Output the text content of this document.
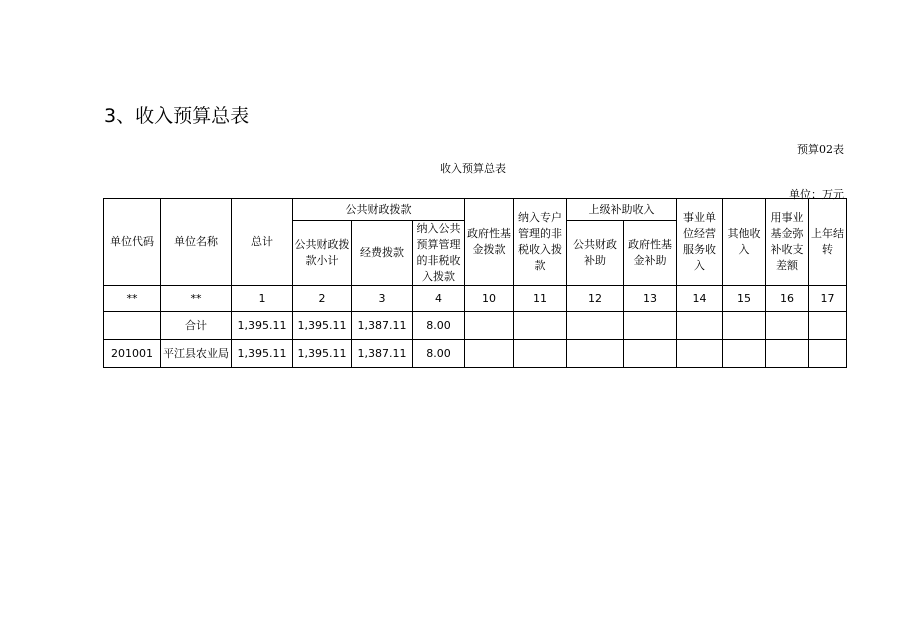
3、收入预算总表
预算02表
收入预算总表
单位：万元
单位代码	单位名称	总计	公共财政拨款			政府性基金拨款	纳入专户管理的非税收入拨款	上级补助收入		事业单位经营服务收入	其他收入	用事业基金弥补收支差额	上年结转
			公共财政拨款小计	经费拨款	纳入公共预算管理的非税收入拨款								
								公共财政补助	政府性基金补助				
**	**	1	2	3	4	10	11	12	13	14	15	16	17
	合计	1,395.11	1,395.11	1,387.11	8.00								
201001	平江县农业局	1,395.11	1,395.11	1,387.11	8.00								
